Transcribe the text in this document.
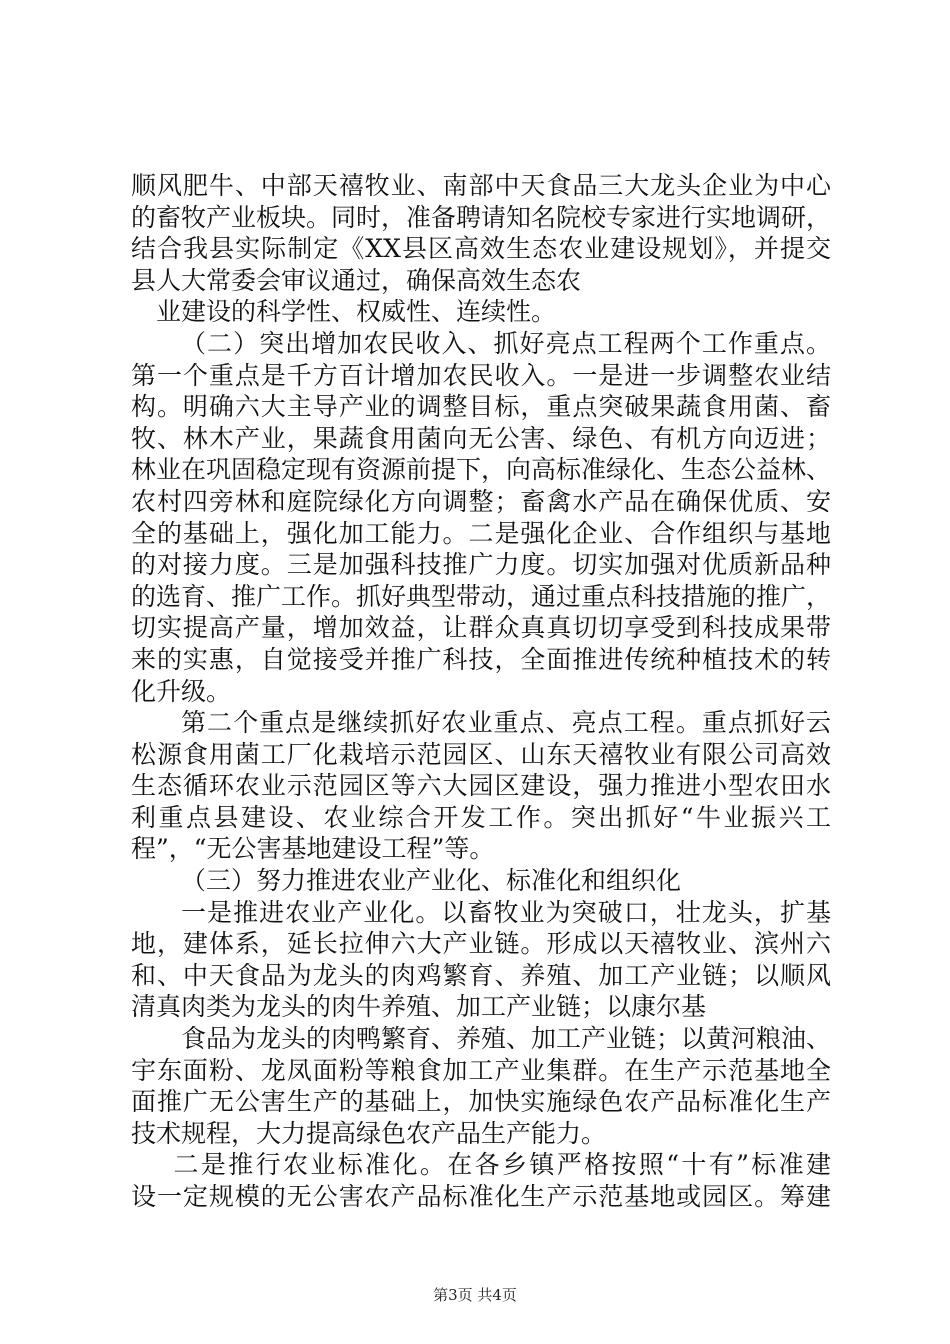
顺风肥牛、中部天禧牧业、南部中天食品三大龙头企业为中心
的畜牧产业板块。同时，准备聘请知名院校专家进行实地调研，
结合我县实际制定《XX县区高效生态农业建设规划》，并提交
县人大常委会审议通过，确保高效生态农
业建设的科学性、权威性、连续性。
（二）突出增加农民收入、抓好亮点工程两个工作重点。
第一个重点是千方百计增加农民收入。一是进一步调整农业结
构。明确六大主导产业的调整目标，重点突破果蔬食用菌、畜
牧、林木产业，果蔬食用菌向无公害、绿色、有机方向迈进；
林业在巩固稳定现有资源前提下，向高标准绿化、生态公益林、
农村四旁林和庭院绿化方向调整；畜禽水产品在确保优质、安
全的基础上，强化加工能力。二是强化企业、合作组织与基地
的对接力度。三是加强科技推广力度。切实加强对优质新品种
的选育、推广工作。抓好典型带动，通过重点科技措施的推广，
切实提高产量，增加效益，让群众真真切切享受到科技成果带
来的实惠，自觉接受并推广科技，全面推进传统种植技术的转
化升级。
第二个重点是继续抓好农业重点、亮点工程。重点抓好云
松源食用菌工厂化栽培示范园区、山东天禧牧业有限公司高效
生态循环农业示范园区等六大园区建设，强力推进小型农田水
利重点县建设、农业综合开发工作。突出抓好“牛业振兴工
程”，“无公害基地建设工程”等。
（三）努力推进农业产业化、标准化和组织化
一是推进农业产业化。以畜牧业为突破口，壮龙头，扩基
地，建体系，延长拉伸六大产业链。形成以天禧牧业、滨州六
和、中天食品为龙头的肉鸡繁育、养殖、加工产业链；以顺风
清真肉类为龙头的肉牛养殖、加工产业链；以康尔基
食品为龙头的肉鸭繁育、养殖、加工产业链；以黄河粮油、
宇东面粉、龙凤面粉等粮食加工产业集群。在生产示范基地全
面推广无公害生产的基础上，加快实施绿色农产品标准化生产
技术规程，大力提高绿色农产品生产能力。
二是推行农业标准化。在各乡镇严格按照“十有”标准建
设一定规模的无公害农产品标准化生产示范基地或园区。筹建
第3页 共4页
